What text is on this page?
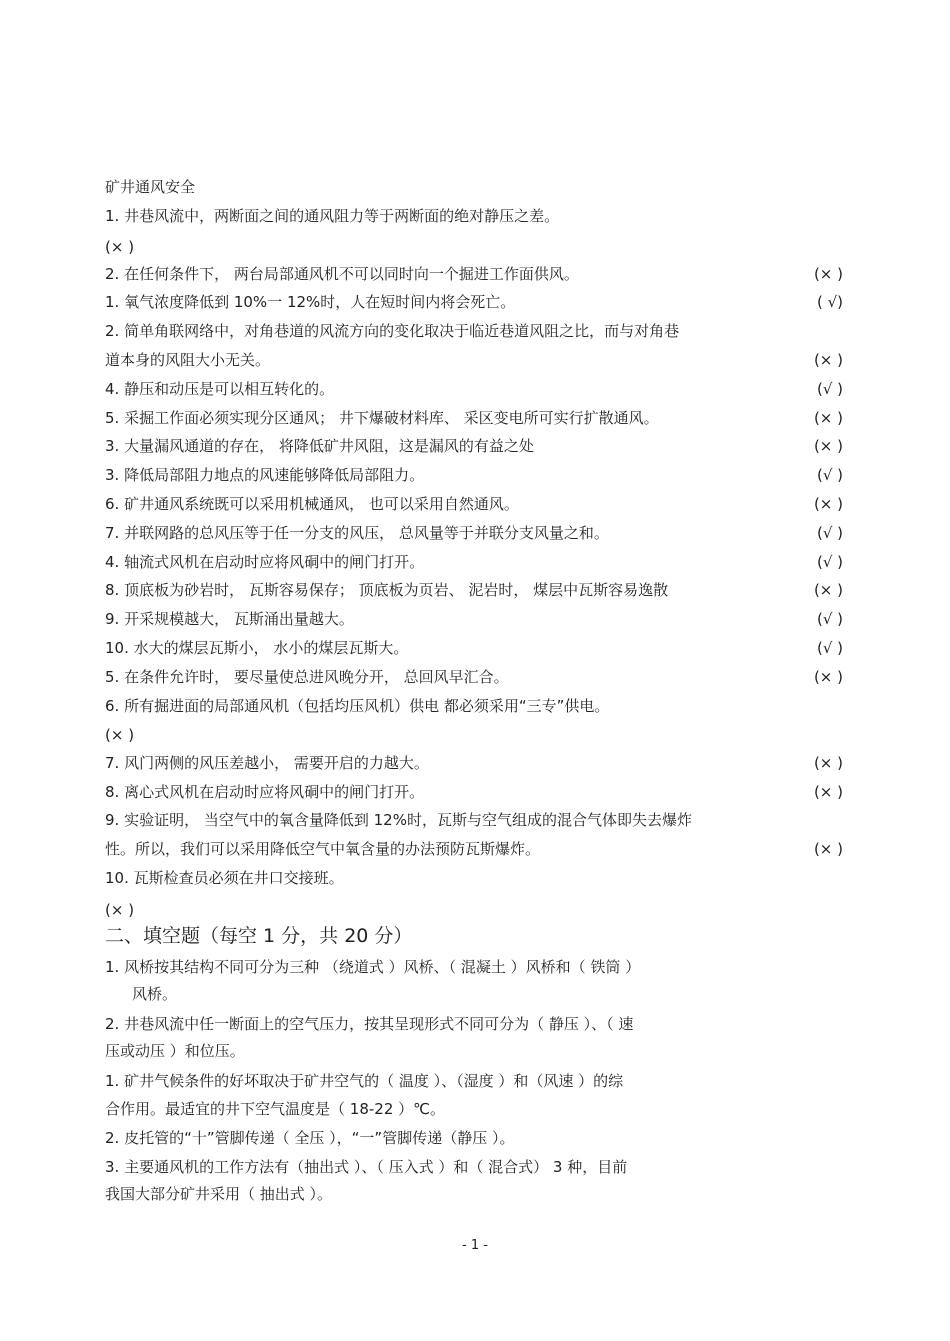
矿井通风安全
1. 井巷风流中，两断面之间的通风阻力等于两断面的绝对静压之差。
(× )
2. 在任何条件下， 两台局部通风机不可以同时向一个掘进工作面供风。	(× )
1. 氧气浓度降低到 10%一 12%时，人在短时间内将会死亡。	( √)
2. 简单角联网络中，对角巷道的风流方向的变化取决于临近巷道风阻之比，而与对角巷
道本身的风阻大小无关。	(× )
4. 静压和动压是可以相互转化的。	(√ )
5. 采掘工作面必须实现分区通风； 井下爆破材料库、 采区变电所可实行扩散通风。	(× )
3. 大量漏风通道的存在， 将降低矿井风阻，这是漏风的有益之处	(× )
3. 降低局部阻力地点的风速能够降低局部阻力。	(√ )
6. 矿井通风系统既可以采用机械通风， 也可以采用自然通风。	(× )
7. 并联网路的总风压等于任一分支的风压， 总风量等于并联分支风量之和。	(√ )
4. 轴流式风机在启动时应将风硐中的闸门打开。	(√ )
8. 顶底板为砂岩时， 瓦斯容易保存； 顶底板为页岩、 泥岩时， 煤层中瓦斯容易逸散	(× )
9. 开采规模越大， 瓦斯涌出量越大。	(√ )
10. 水大的煤层瓦斯小， 水小的煤层瓦斯大。	(√ )
5. 在条件允许时， 要尽量使总进风晚分开， 总回风早汇合。	(× )
6. 所有掘进面的局部通风机（包括均压风机）供电 都必须采用“三专”供电。
(× )
7. 风门两侧的风压差越小， 需要开启的力越大。	(× )
8. 离心式风机在启动时应将风硐中的闸门打开。	(× )
9. 实验证明， 当空气中的氧含量降低到 12%时，瓦斯与空气组成的混合气体即失去爆炸
性。所以，我们可以采用降低空气中氧含量的办法预防瓦斯爆炸。	(× )
10. 瓦斯检查员必须在井口交接班。
(× )
二、填空题（每空 1 分，共 20 分）
1. 风桥按其结构不同可分为三种 （绕道式 ）风桥、（ 混凝土 ）风桥和（ 铁筒 ）
风桥。
2. 井巷风流中任一断面上的空气压力，按其呈现形式不同可分为（ 静压 ）、（ 速
压或动压 ）和位压。
1. 矿井气候条件的好坏取决于矿井空气的（ 温度 ）、（湿度 ）和（风速 ）的综
合作用。最适宜的井下空气温度是（ 18-22 ）℃。
2. 皮托管的“十”管脚传递（ 全压 ），“一”管脚传递（静压 ）。
3. 主要通风机的工作方法有（抽出式 ）、（ 压入式 ）和（ 混合式） 3 种，目前
我国大部分矿井采用（ 抽出式 ）。
- 1 -
